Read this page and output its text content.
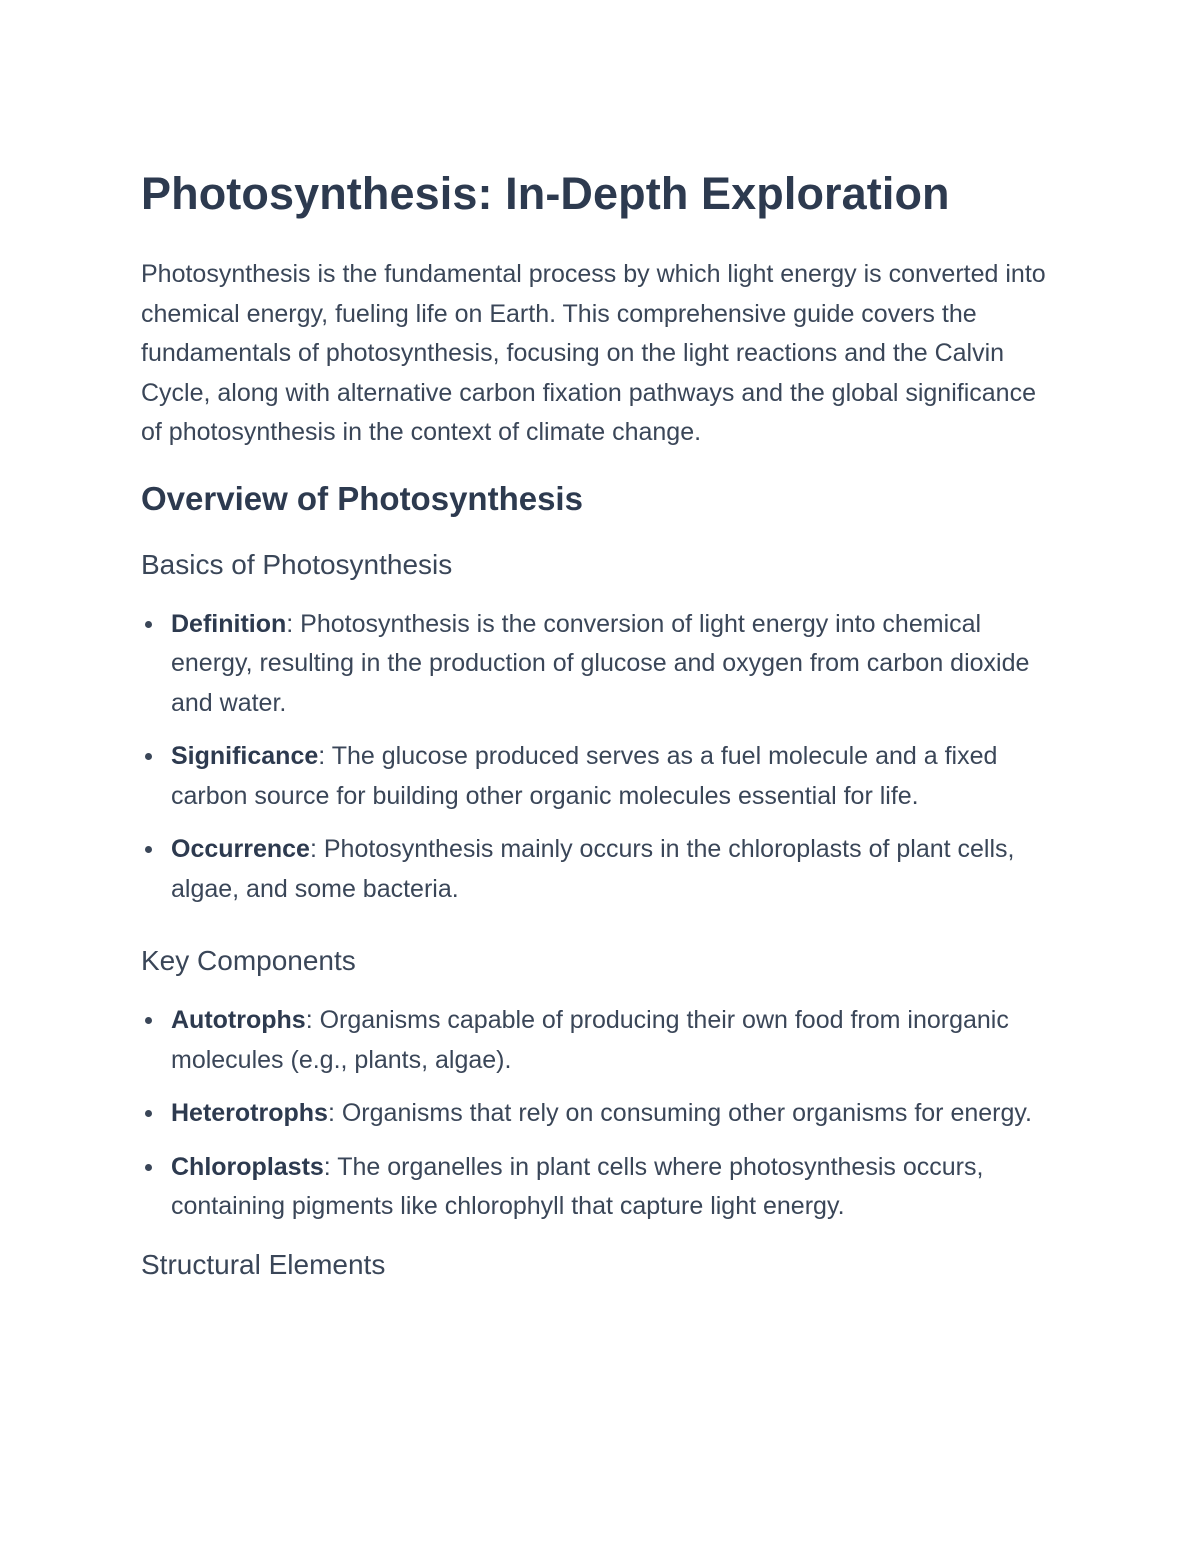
Photosynthesis: In-Depth Exploration

Photosynthesis is the fundamental process by which light energy is converted into chemical energy, fueling life on Earth. This comprehensive guide covers the fundamentals of photosynthesis, focusing on the light reactions and the Calvin Cycle, along with alternative carbon fixation pathways and the global significance of photosynthesis in the context of climate change.

Overview of Photosynthesis
Basics of Photosynthesis
Definition: Photosynthesis is the conversion of light energy into chemical energy, resulting in the production of glucose and oxygen from carbon dioxide and water.
Significance: The glucose produced serves as a fuel molecule and a fixed carbon source for building other organic molecules essential for life.
Occurrence: Photosynthesis mainly occurs in the chloroplasts of plant cells, algae, and some bacteria.
Key Components
Autotrophs: Organisms capable of producing their own food from inorganic molecules (e.g., plants, algae).
Heterotrophs: Organisms that rely on consuming other organisms for energy.
Chloroplasts: The organelles in plant cells where photosynthesis occurs, containing pigments like chlorophyll that capture light energy.
Structural Elements
